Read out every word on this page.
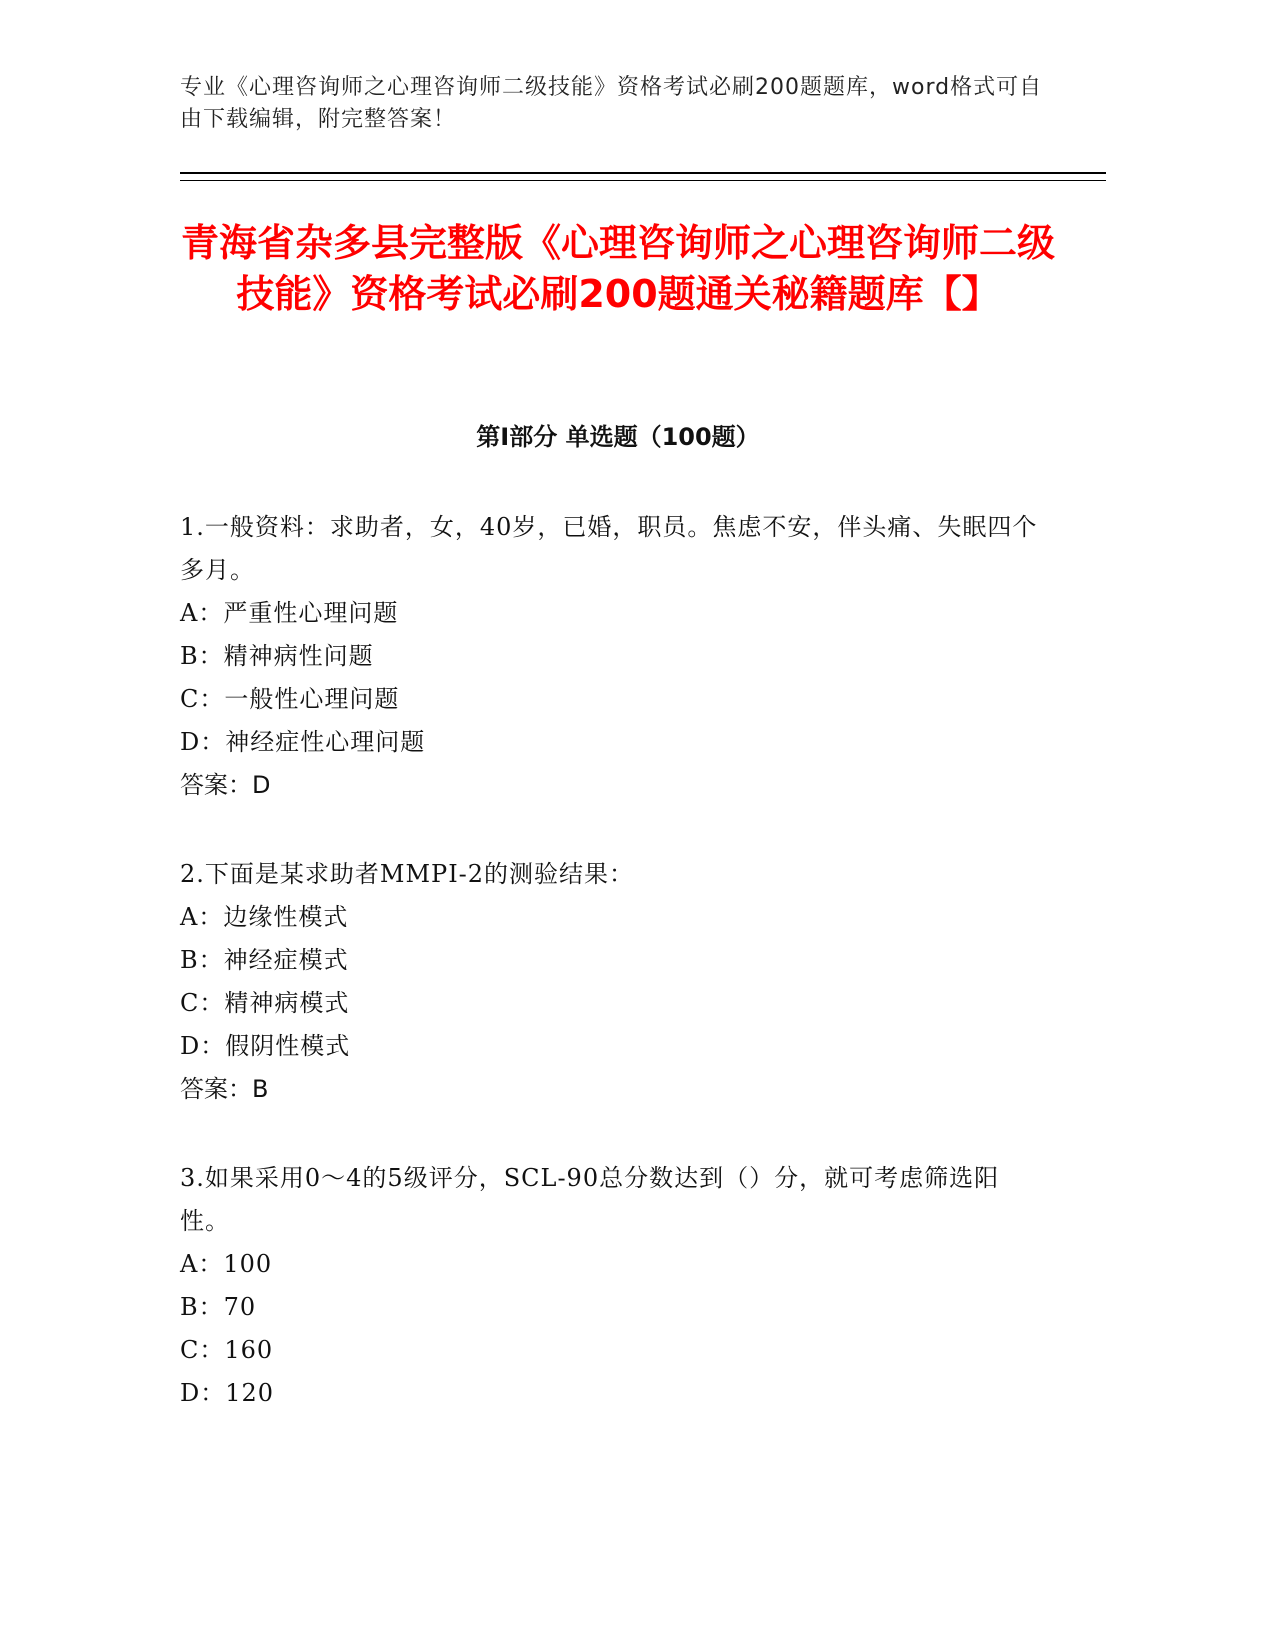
专业《心理咨询师之心理咨询师二级技能》资格考试必刷200题题库，word格式可自由下载编辑，附完整答案！
青海省杂多县完整版《心理咨询师之心理咨询师二级技能》资格考试必刷200题通关秘籍题库【】
第Ⅰ部分 单选题（100题）

1.一般资料：求助者，女，40岁，已婚，职员。焦虑不安，伴头痛、失眠四个多月。

A：严重性心理问题

B：精神病性问题

C：一般性心理问题

D：神经症性心理问题

答案：D

2.下面是某求助者MMPI-2的测验结果：

A：边缘性模式

B：神经症模式

C：精神病模式

D：假阴性模式

答案：B

3.如果采用0～4的5级评分，SCL-90总分数达到（）分，就可考虑筛选阳性。

A：100

B：70

C：160

D：120
